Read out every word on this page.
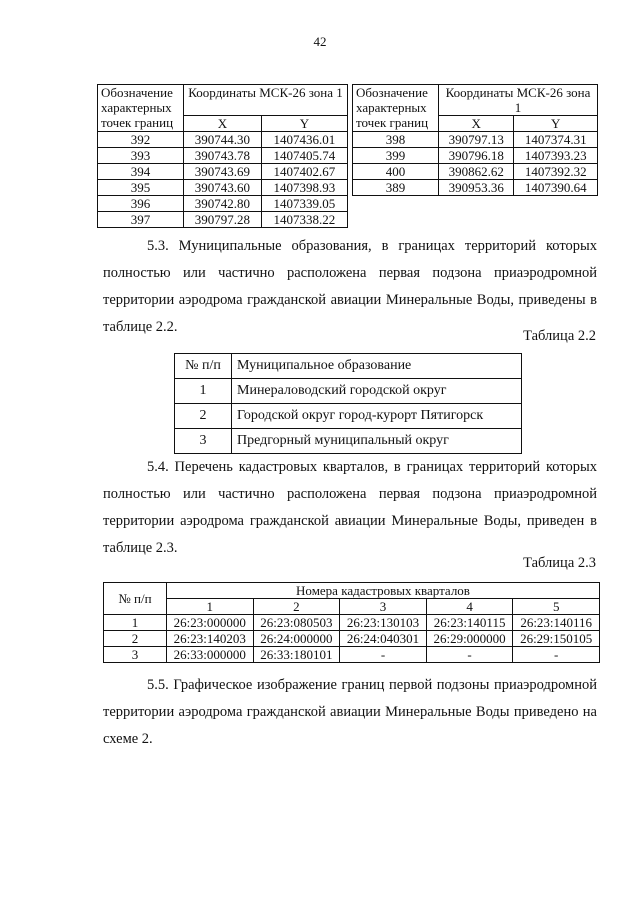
42
Обозначение характерных точек границ	Координаты МСК-26 зона 1	
	X	Y
392	390744.30	1407436.01
393	390743.78	1407405.74
394	390743.69	1407402.67
395	390743.60	1407398.93
396	390742.80	1407339.05
397	390797.28	1407338.22
Обозначение характерных точек границ	Координаты МСК-26 зона 1	
	X	Y
398	390797.13	1407374.31
399	390796.18	1407393.23
400	390862.62	1407392.32
389	390953.36	1407390.64
5.3. Муниципальные образования, в границах территорий которых полностью или частично расположена первая подзона приаэродромной территории аэродрома гражданской авиации Минеральные Воды, приведены в таблице 2.2.
Таблица 2.2
№ п/п	Муниципальное образование
1	Минераловодский городской округ
2	Городской округ город-курорт Пятигорск
3	Предгорный муниципальный округ
5.4. Перечень кадастровых кварталов, в границах территорий которых полностью или частично расположена первая подзона приаэродромной территории аэродрома гражданской авиации Минеральные Воды, приведен в таблице 2.3.
Таблица 2.3
№ п/п	Номера кадастровых кварталов				
	1	2	3	4	5
1	26:23:000000	26:23:080503	26:23:130103	26:23:140115	26:23:140116
2	26:23:140203	26:24:000000	26:24:040301	26:29:000000	26:29:150105
3	26:33:000000	26:33:180101	-	-	-
5.5. Графическое изображение границ первой подзоны приаэродромной территории аэродрома гражданской авиации Минеральные Воды приведено на схеме 2.
